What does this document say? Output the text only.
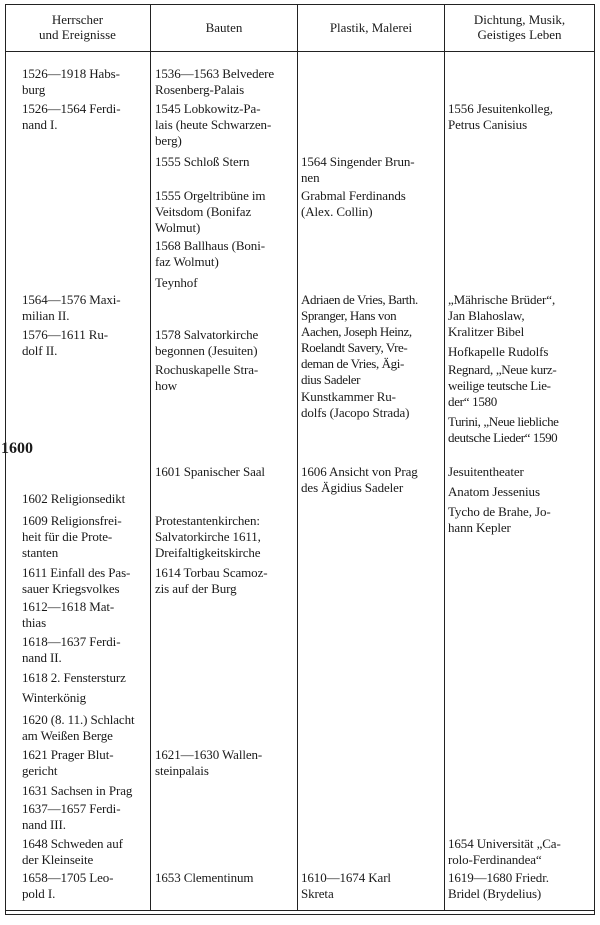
Herrscher
und Ereignisse	Bauten	Plastik, Malerei
Dichtung, Musik,
Geistiges Leben
1600
1526—1918 Habs-
burg
1526—1564 Ferdi-
nand I.
1564—1576 Maxi-
milian II.
1576—1611 Ru-
dolf II.
1602 Religionsedikt
1609 Religionsfrei-
heit für die Prote-
stanten
1611 Einfall des Pas-
sauer Kriegsvolkes
1612—1618 Mat-
thias
1618—1637 Ferdi-
nand II.
1618 2. Fenstersturz
Winterkönig
1620 (8. 11.) Schlacht
am Weißen Berge
1621 Prager Blut-
gericht
1631 Sachsen in Prag
1637—1657 Ferdi-
nand III.
1648 Schweden auf
der Kleinseite
1658—1705 Leo-
pold I.
1536—1563 Belvedere
Rosenberg-Palais
1545 Lobkowitz-Pa-
lais (heute Schwarzen-
berg)
1555 Schloß Stern
1555 Orgeltribüne im
Veitsdom (Bonifaz
Wolmut)
1568 Ballhaus (Boni-
faz Wolmut)
Teynhof
1578 Salvatorkirche
begonnen (Jesuiten)
Rochuskapelle Stra-
how
1601 Spanischer Saal
Protestantenkirchen:
Salvatorkirche 1611,
Dreifaltigkeitskirche
1614 Torbau Scamoz-
zis auf der Burg
1621—1630 Wallen-
steinpalais
1653 Clementinum
1564 Singender Brun-
nen
Grabmal Ferdinands
(Alex. Collin)
Adriaen de Vries, Barth.
Spranger, Hans von
Aachen, Joseph Heinz,
Roelandt Savery, Vre-
deman de Vries, Ägi-
dius Sadeler
Kunstkammer Ru-
dolfs (Jacopo Strada)
1606 Ansicht von Prag
des Ägidius Sadeler
1610—1674 Karl
Skreta
1556 Jesuitenkolleg,
Petrus Canisius
„Mährische Brüder“,
Jan Blahoslaw,
Kralitzer Bibel
Hofkapelle Rudolfs
Regnard, „Neue kurz-
weilige teutsche Lie-
der“ 1580
Turini, „Neue liebliche
deutsche Lieder“ 1590
Jesuitentheater
Anatom Jessenius
Tycho de Brahe, Jo-
hann Kepler
1654 Universität „Ca-
rolo-Ferdinandea“
1619—1680 Friedr.
Bridel (Brydelius)
